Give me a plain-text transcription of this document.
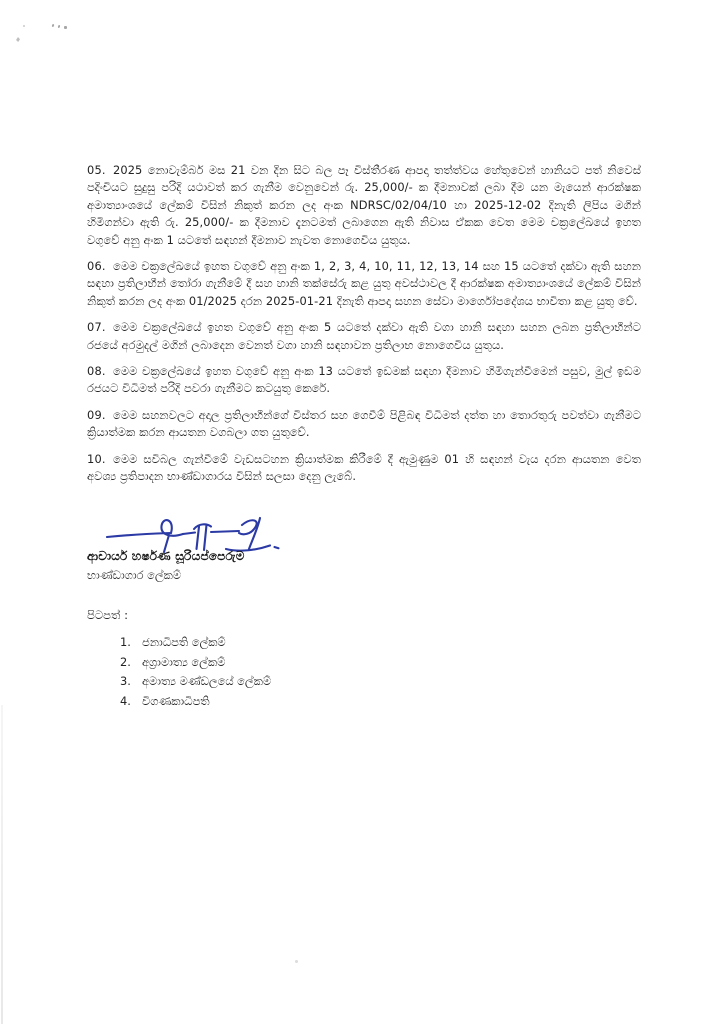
05. 2025 නොවැම්බර් මස 21 වන දින සිට බල පෑ විස්තීරණ ආපදා තත්ත්වය හේතුවෙන් හානියට පත් නිවෙස් පදිංචියට සුදුසු පරිදි යථාවත් කර ගැනීම වෙනුවෙන් රු. 25,000/- ක දීමනාවක් ලබා දීම යන මැයෙන් ආරක්ෂක අමාත්‍යාංශයේ ලේකම් විසින් නිකුත් කරන ලද අංක NDRSC/02/04/10 හා 2025-12-02 දිනැති ලිපිය මගින් හිමිගන්වා ඇති රු. 25,000/- ක දීමනාව දැනටමත් ලබාගෙන ඇති නිවාස ඒකක වෙත මෙම චක්‍රලේඛයේ ඉහත වගුවේ අනු අංක 1 යටතේ සඳහන් දීමනාව නැවත නොගෙවිය යුතුය.

06. මෙම චක්‍රලේඛයේ ඉහත වගුවේ අනු අංක 1, 2, 3, 4, 10, 11, 12, 13, 14 සහ 15 යටතේ දක්වා ඇති සහන සඳහා ප්‍රතිලාභීන් තෝරා ගැනීමේ දී සහ හානි තක්සේරු කළ යුතු අවස්ථාවල දී ආරක්ෂක අමාත්‍යාංශයේ ලේකම් විසින් නිකුත් කරන ලද අංක 01/2025 දරන 2025-01-21 දිනැති ආපදා සහන සේවා මාර්ගෝපදේශය භාවිතා කළ යුතු වේ.

07. මෙම චක්‍රලේඛයේ ඉහත වගුවේ අනු අංක 5 යටතේ දක්වා ඇති වගා හානි සඳහා සහන ලබන ප්‍රතිලාභීන්ට රජයේ අරමුදල් මගින් ලබාදෙන වෙනත් වගා හානි සඳහාවන ප්‍රතිලාභ නොගෙවිය යුතුය.

08. මෙම චක්‍රලේඛයේ ඉහත වගුවේ අනු අංක 13 යටතේ ඉඩමක් සඳහා දීමනාව හිමිගැන්වීමෙන් පසුව, මුල් ඉඩම රජයට විධිමත් පරිදි පවරා ගැනීමට කටයුතු කෙරේ.

09. මෙම සහනවලට අදාල ප්‍රතිලාභීන්ගේ විස්තර සහ ගෙවීම් පිළිබඳ විධිමත් දත්ත හා තොරතුරු පවත්වා ගැනීමට ක්‍රියාත්මක කරන ආයතන වගබලා ගත යුතුවේ.

10. මෙම සවිබල ගැන්වීමේ වැඩසටහන ක්‍රියාත්මක කිරීමේ දී ඇමුණුම 01 හි සඳහන් වැය දරන ආයතන වෙත අවශ්‍ය ප්‍රතිපාදන භාණ්ඩාගාරය විසින් සලසා දෙනු ලැබේ.

ආචාර්ය හර්ෂණ සූරියප්පෙරුම
භාණ්ඩාගාර ලේකම්
පිටපත් :
1. ජනාධිපති ලේකම්
2. අග්‍රාමාත්‍ය ලේකම්
3. අමාත්‍ය මණ්ඩලයේ ලේකම්
4. විගණකාධිපති
